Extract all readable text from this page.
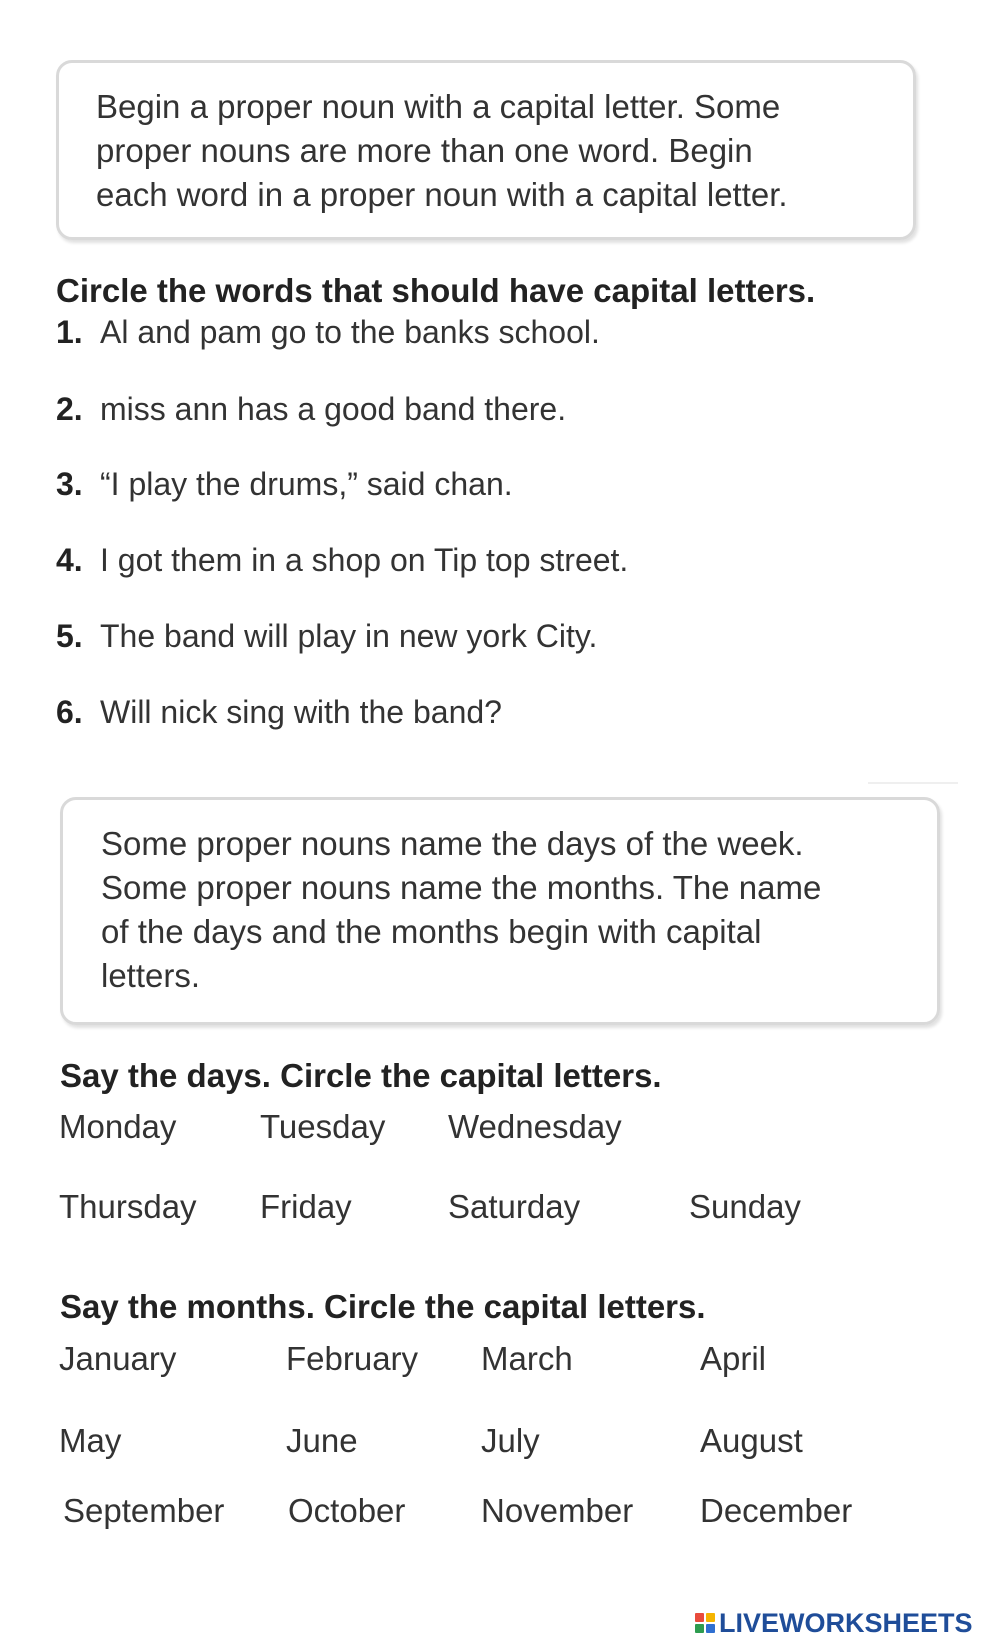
Begin a proper noun with a capital letter. Some
proper nouns are more than one word. Begin
each word in a proper noun with a capital letter.
Circle the words that should have capital letters.
1. Al and pam go to the banks school.
2. miss ann has a good band there.
3. “I play the drums,” said chan.
4. I got them in a shop on Tip top street.
5. The band will play in new york City.
6. Will nick sing with the band?
Some proper nouns name the days of the week.
Some proper nouns name the months. The name
of the days and the months begin with capital
letters.
Say the days. Circle the capital letters.
Monday	Tuesday Wednesday
Thursday Friday	Saturday	Sunday
Say the months. Circle the capital letters.
January	February March	April
May	June	July	August
September October November December
LIVEWORKSHEETS
